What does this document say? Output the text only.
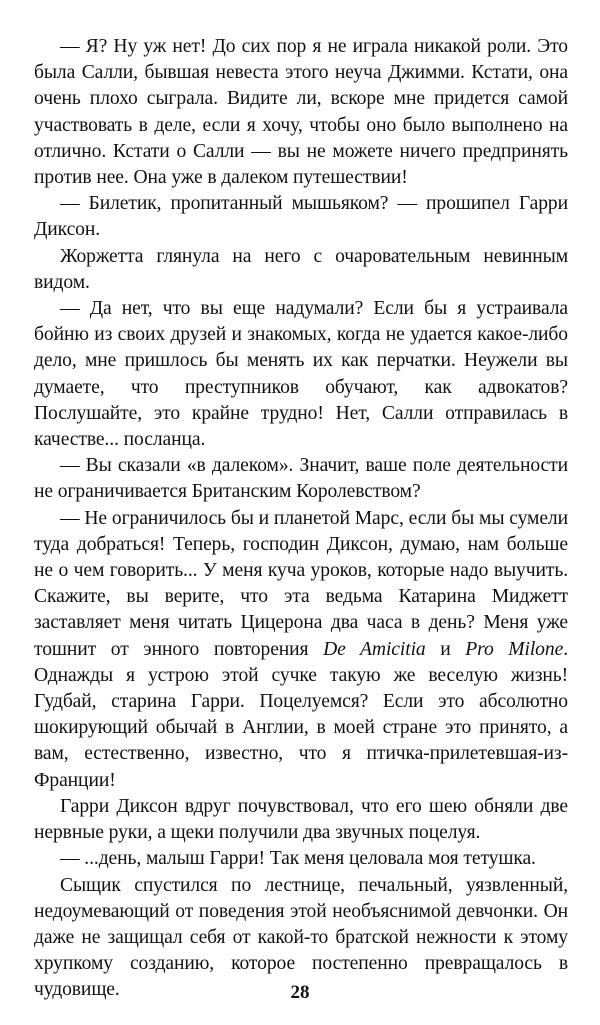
— Я? Ну уж нет! До сих пор я не играла никакой роли. Это была Салли, бывшая невеста этого неуча Джимми. Кстати, она очень плохо сыграла. Видите ли, вскоре мне придется самой участвовать в деле, если я хочу, чтобы оно было выполнено на отлично. Кстати о Салли — вы не можете ничего предпринять против нее. Она уже в далеком путешествии!

— Билетик, пропитанный мышьяком? — прошипел Гарри Диксон.

Жоржетта глянула на него с очаровательным невинным видом.

— Да нет, что вы еще надумали? Если бы я устраивала бойню из своих друзей и знакомых, когда не удается какое-либо дело, мне пришлось бы менять их как перчатки. Неужели вы думаете, что преступников обучают, как адвокатов? Послушайте, это крайне трудно! Нет, Салли отправилась в качестве... посланца.

— Вы сказали «в далеком». Значит, ваше поле деятельности не ограничивается Британским Королевством?

— Не ограничилось бы и планетой Марс, если бы мы сумели туда добраться! Теперь, господин Диксон, думаю, нам больше не о чем говорить... У меня куча уроков, которые надо выучить. Скажите, вы верите, что эта ведьма Катарина Миджетт заставляет меня читать Цицерона два часа в день? Меня уже тошнит от энного повторения De Amicitia и Pro Milone. Однажды я устрою этой сучке такую же веселую жизнь! Гудбай, старина Гарри. Поцелуемся? Если это абсолютно шокирующий обычай в Англии, в моей стране это принято, а вам, естественно, известно, что я птичка-прилетевшая-из-Франции!

Гарри Диксон вдруг почувствовал, что его шею обняли две нервные руки, а щеки получили два звучных поцелуя.

— ...день, малыш Гарри! Так меня целовала моя тетушка.

Сыщик спустился по лестнице, печальный, уязвленный, недоумевающий от поведения этой необъяснимой девчонки. Он даже не защищал себя от какой-то братской нежности к этому хрупкому созданию, которое постепенно превращалось в чудовище.	28
